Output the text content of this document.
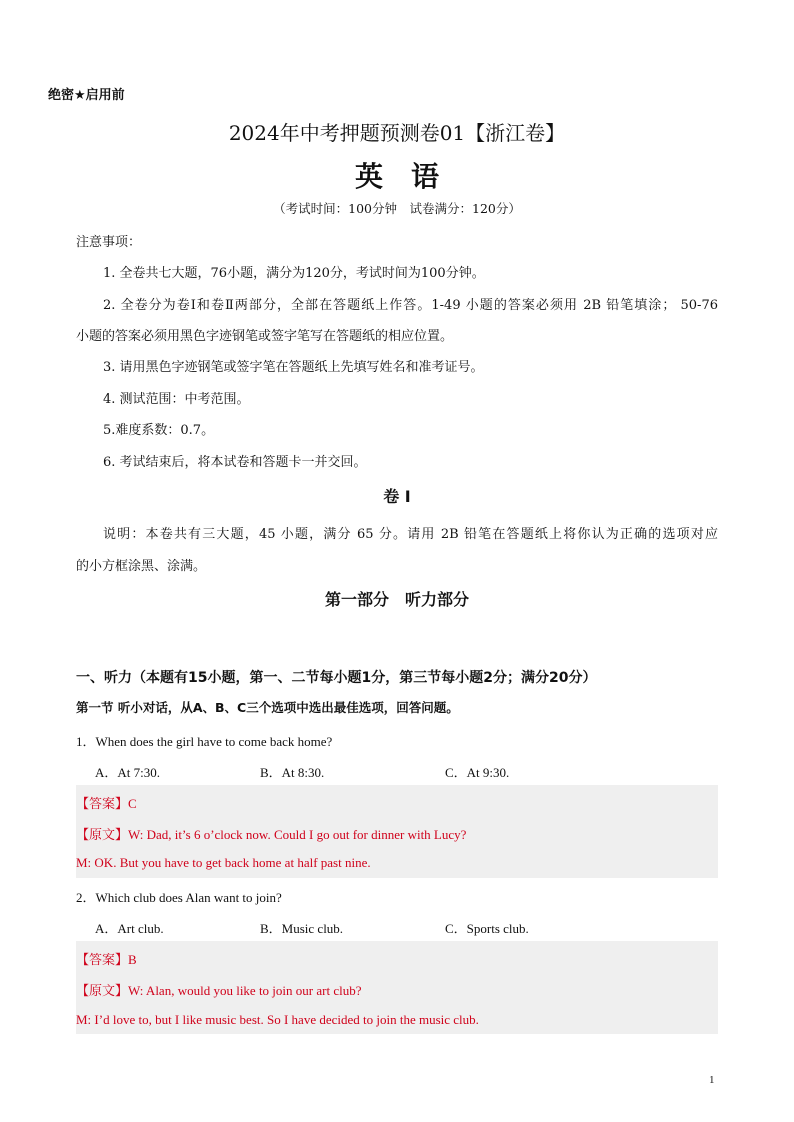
绝密★启用前
2024年中考押题预测卷01【浙江卷】
英语
（考试时间：100分钟　试卷满分：120分）
注意事项：
1. 全卷共七大题，76小题，满分为120分，考试时间为100分钟。
2. 全卷分为卷Ⅰ和卷Ⅱ两部分，全部在答题纸上作答。1-49 小题的答案必须用 2B 铅笔填涂； 50-76
小题的答案必须用黑色字迹钢笔或签字笔写在答题纸的相应位置。
3. 请用黑色字迹钢笔或签字笔在答题纸上先填写姓名和准考证号。
4. 测试范围：中考范围。
5.难度系数：0.7。
6. 考试结束后，将本试卷和答题卡一并交回。
卷 I
说明：本卷共有三大题，45 小题，满分 65 分。请用 2B 铅笔在答题纸上将你认为正确的选项对应
的小方框涂黑、涂满。
第一部分　听力部分
一、听力（本题有15小题，第一、二节每小题1分，第三节每小题2分；满分20分）
第一节 听小对话，从A、B、C三个选项中选出最佳选项，回答问题。
1．When does the girl have to come back home?
A．At 7:30.	B．At 8:30.	C．At 9:30.
【答案】C
【原文】W: Dad, it’s 6 o’clock now. Could I go out for dinner with Lucy?
M: OK. But you have to get back home at half past nine.
2．Which club does Alan want to join?
A．Art club.	B．Music club.	C．Sports club.
【答案】B
【原文】W: Alan, would you like to join our art club?
M: I’d love to, but I like music best. So I have decided to join the music club.
1
